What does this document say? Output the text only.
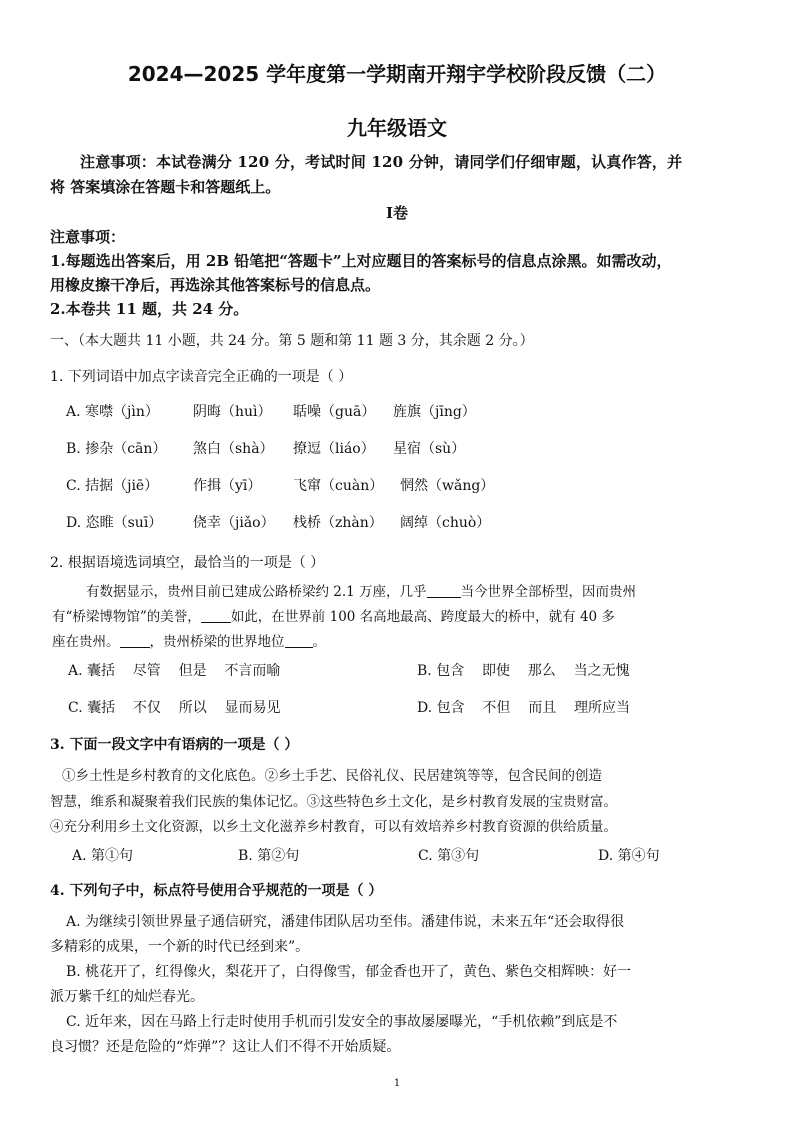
2024—2025 学年度第一学期南开翔宇学校阶段反馈（二）
九年级语文
注意事项：本试卷满分 120 分，考试时间 120 分钟，请同学们仔细审题，认真作答，并
将 答案填涂在答题卡和答题纸上。
Ⅰ卷
注意事项：
1.每题选出答案后，用 2B 铅笔把“答题卡”上对应题目的答案标号的信息点涂黑。如需改动，
用橡皮擦干净后，再选涂其他答案标号的信息点。
2.本卷共 11 题，共 24 分。
一、（本大题共 11 小题，共 24 分。第 5 题和第 11 题 3 分，其余题 2 分。）
1. 下列词语中加点字读音完全正确的一项是（ ）
A. 寒噤（jìn） 阴晦（huì） 聒噪（guā） 旌旗（jīng）
B. 掺杂（cān） 煞白（shà） 撩逗（liáo） 星宿（sù）
C. 拮据（jiē） 作揖（yī） 飞窜（cuàn） 惘然（wǎng）
D. 恣睢（suī） 侥幸（jiǎo） 栈桥（zhàn） 阔绰（chuò）
2. 根据语境选词填空，最恰当的一项是（ ）
有数据显示，贵州目前已建成公路桥梁约 2.1 万座，几乎	当今世界全部桥型，因而贵州
有“桥梁博物馆”的美誉， 如此，在世界前 100 名高地最高、跨度最大的桥中，就有 40 多
座在贵州。 ，贵州桥梁的世界地位 。
A. 囊括    尽管    但是    不言而喻	B. 包含    即使    那么    当之无愧
C. 囊括    不仅    所以    显而易见	D. 包含    不但    而且    理所应当
3. 下面一段文字中有语病的一项是（ ）
①乡土性是乡村教育的文化底色。②乡土手艺、民俗礼仪、民居建筑等等，包含民间的创造
智慧，维系和凝聚着我们民族的集体记忆。③这些特色乡土文化，是乡村教育发展的宝贵财富。
④充分利用乡土文化资源，以乡土文化滋养乡村教育，可以有效培养乡村教育资源的供给质量。
A. 第①句	B. 第②句	C. 第③句	D. 第④句
4. 下列句子中，标点符号使用合乎规范的一项是（ ）
A. 为继续引领世界量子通信研究，潘建伟团队居功至伟。潘建伟说，未来五年“还会取得很
多精彩的成果，一个新的时代已经到来”。
B. 桃花开了，红得像火，梨花开了，白得像雪，郁金香也开了，黄色、紫色交相辉映：好一
派万紫千红的灿烂春光。
C. 近年来，因在马路上行走时使用手机而引发安全的事故屡屡曝光，“手机依赖”到底是不
良习惯？还是危险的“炸弹”？这让人们不得不开始质疑。
1
